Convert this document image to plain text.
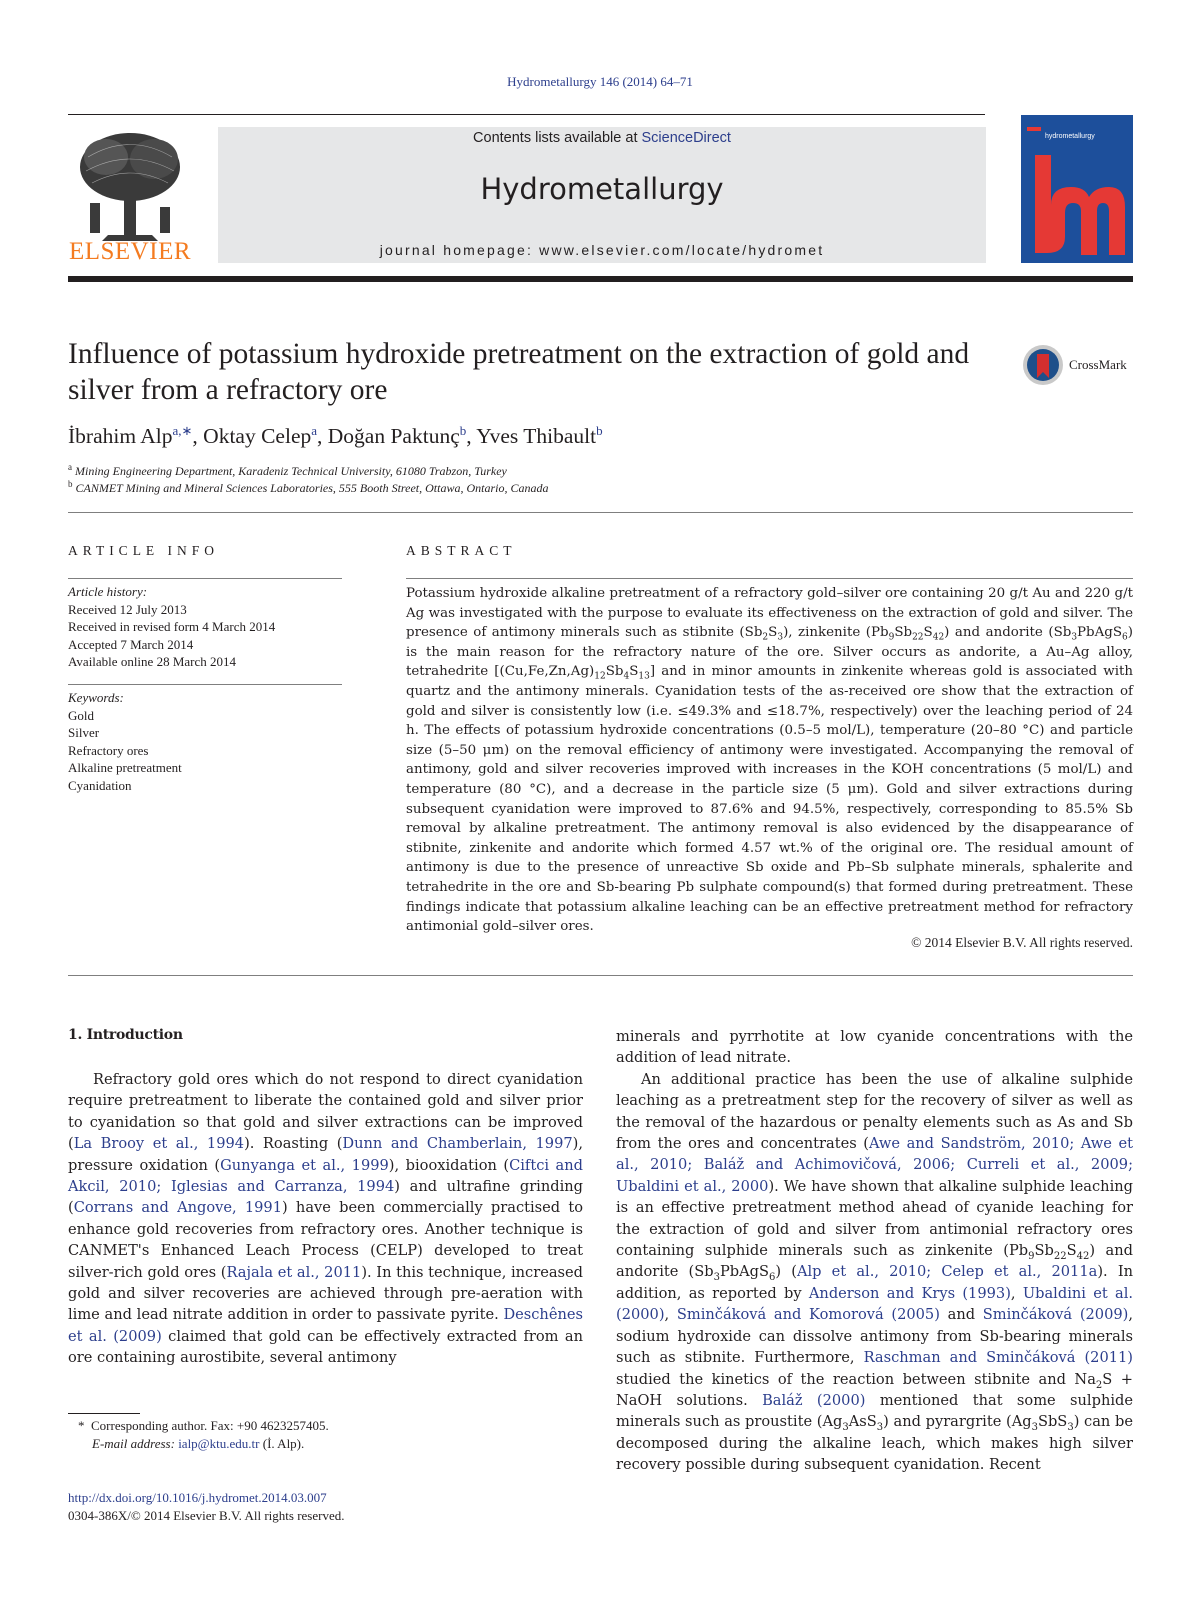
Hydrometallurgy 146 (2014) 64–71
ELSEVIER
Contents lists available at ScienceDirect
Hydrometallurgy
journal homepage: www.elsevier.com/locate/hydromet
hydrometallurgy
Influence of potassium hydroxide pretreatment on the extraction of gold and silver from a refractory ore
CrossMark
İbrahim Alp$^{a,∗}$, Oktay Celep$^a$, Doğan Paktunç$^b$, Yves Thibault$^b$
$^a$ Mining Engineering Department, Karadeniz Technical University, 61080 Trabzon, Turkey
$^b$ CANMET Mining and Mineral Sciences Laboratories, 555 Booth Street, Ottawa, Ontario, Canada
ARTICLE INFO	ABSTRACT
Article history:
Received 12 July 2013
Received in revised form 4 March 2014
Accepted 7 March 2014
Available online 28 March 2014
Keywords:
Gold
Silver
Refractory ores
Alkaline pretreatment
Cyanidation
Potassium hydroxide alkaline pretreatment of a refractory gold–silver ore containing 20 g/t Au and 220 g/t Ag was investigated with the purpose to evaluate its effectiveness on the extraction of gold and silver. The presence of antimony minerals such as stibnite $(Sb_2S_3)$, zinkenite $(Pb_9Sb_{22}S_{42})$ and andorite $(Sb_3PbAgS_6)$ is the main reason for the refractory nature of the ore. Silver occurs as andorite, a Au–Ag alloy, tetrahedrite $[(Cu,Fe,Zn,Ag)_{12}Sb_4S_{13}]$ and in minor amounts in zinkenite whereas gold is associated with quartz and the antimony minerals. Cyanidation tests of the as-received ore show that the extraction of gold and silver is consistently low (i.e. ≤49.3% and ≤18.7%, respectively) over the leaching period of 24 h. The effects of potassium hydroxide concentrations (0.5–5 mol/L), temperature (20–80 °C) and particle size (5–50 μm) on the removal efficiency of antimony were investigated. Accompanying the removal of antimony, gold and silver recoveries improved with increases in the KOH concentrations (5 mol/L) and temperature (80 °C), and a decrease in the particle size (5 μm). Gold and silver extractions during subsequent cyanidation were improved to 87.6% and 94.5%, respectively, corresponding to 85.5% Sb removal by alkaline pretreatment. The antimony removal is also evidenced by the disappearance of stibnite, zinkenite and andorite which formed 4.57 wt.% of the original ore. The residual amount of antimony is due to the presence of unreactive Sb oxide and Pb–Sb sulphate minerals, sphalerite and tetrahedrite in the ore and Sb-bearing Pb sulphate compound(s) that formed during pretreatment. These findings indicate that potassium alkaline leaching can be an effective pretreatment method for refractory antimonial gold–silver ores.
© 2014 Elsevier B.V. All rights reserved.
1. Introduction

Refractory gold ores which do not respond to direct cyanidation require pretreatment to liberate the contained gold and silver prior to cyanidation so that gold and silver extractions can be improved (La Brooy et al., 1994). Roasting (Dunn and Chamberlain, 1997), pressure oxidation (Gunyanga et al., 1999), biooxidation (Ciftci and Akcil, 2010; Iglesias and Carranza, 1994) and ultrafine grinding (Corrans and Angove, 1991) have been commercially practised to enhance gold recoveries from refractory ores. Another technique is CANMET's Enhanced Leach Process (CELP) developed to treat silver-rich gold ores (Rajala et al., 2011). In this technique, increased gold and silver recoveries are achieved through pre-aeration with lime and lead nitrate addition in order to passivate pyrite. Deschênes et al. (2009) claimed that gold can be effectively extracted from an ore containing aurostibite, several antimony

minerals and pyrrhotite at low cyanide concentrations with the addition of lead nitrate.

An additional practice has been the use of alkaline sulphide leaching as a pretreatment step for the recovery of silver as well as the removal of the hazardous or penalty elements such as As and Sb from the ores and concentrates (Awe and Sandström, 2010; Awe et al., 2010; Baláž and Achimovičová, 2006; Curreli et al., 2009; Ubaldini et al., 2000). We have shown that alkaline sulphide leaching is an effective pretreatment method ahead of cyanide leaching for the extraction of gold and silver from antimonial refractory ores containing sulphide minerals such as zinkenite $(Pb_9Sb_{22}S_{42})$ and andorite $(Sb_3PbAgS_6)$ (Alp et al., 2010; Celep et al., 2011a). In addition, as reported by Anderson and Krys (1993), Ubaldini et al. (2000), Sminčáková and Komorová (2005) and Sminčáková (2009), sodium hydroxide can dissolve antimony from Sb-bearing minerals such as stibnite. Furthermore, Raschman and Sminčáková (2011) studied the kinetics of the reaction between stibnite and $Na_2S$ + NaOH solutions. Baláž (2000) mentioned that some sulphide minerals such as proustite $(Ag_3AsS_3)$ and pyrargrite $(Ag_3SbS_3)$ can be decomposed during the alkaline leach, which makes high silver recovery possible during subsequent cyanidation. Recent

* Corresponding author. Fax: +90 4623257405.
E-mail address: ialp@ktu.edu.tr (İ. Alp).
http://dx.doi.org/10.1016/j.hydromet.2014.03.007
0304-386X/© 2014 Elsevier B.V. All rights reserved.
